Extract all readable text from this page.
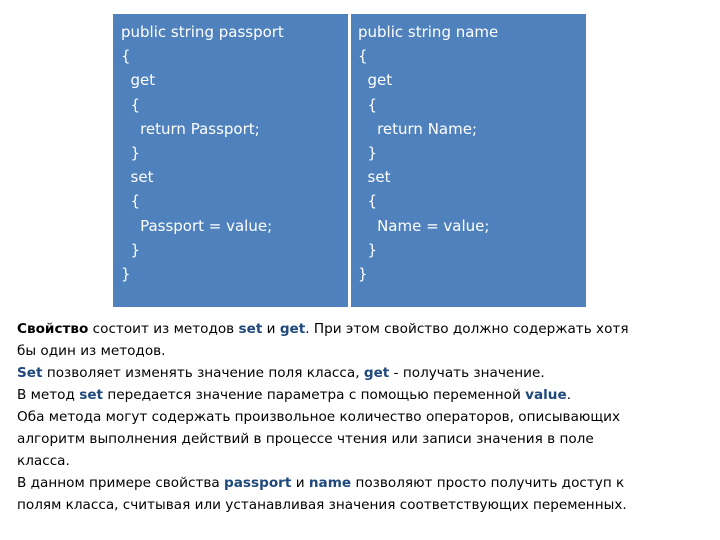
public string passport
{
get
{
return Passport;
}
set
{
Passport = value;
}
}
public string name
{
get
{
return Name;
}
set
{
Name = value;
}
}
Свойство состоит из методов set и get. При этом свойство должно содержать хотя
бы один из методов.
Set позволяет изменять значение поля класса, get - получать значение.
В метод set передается значение параметра с помощью переменной value.
Оба метода могут содержать произвольное количество операторов, описывающих
алгоритм выполнения действий в процессе чтения или записи значения в поле
класса.
В данном примере свойства passport и name позволяют просто получить доступ к
полям класса, считывая или устанавливая значения соответствующих переменных.
